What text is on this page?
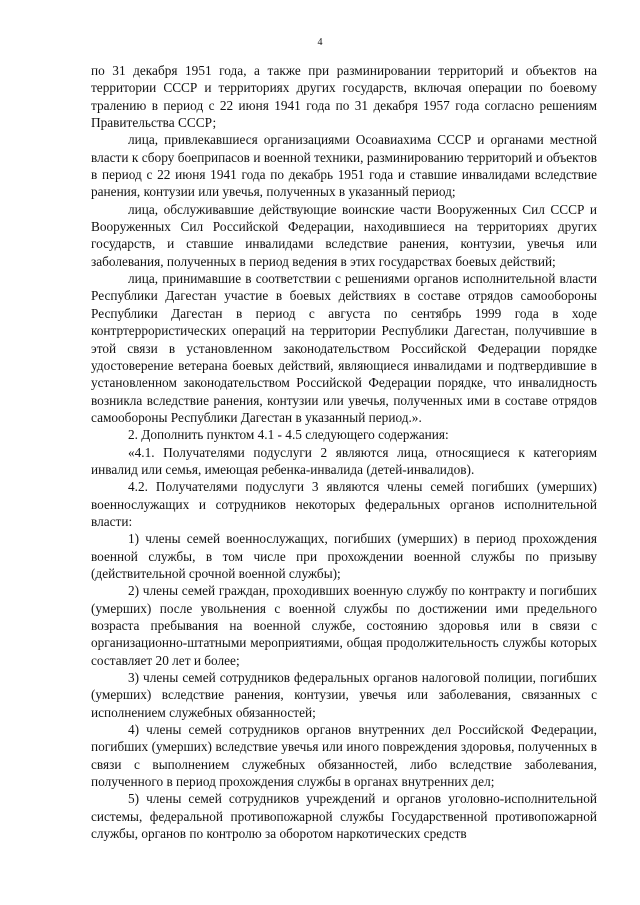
4

по 31 декабря 1951 года, а также при разминировании территорий и объектов на территории СССР и территориях других государств, включая операции по боевому тралению в период с 22 июня 1941 года по 31 декабря 1957 года согласно решениям Правительства СССР;

лица, привлекавшиеся организациями Осоавиахима СССР и органами местной власти к сбору боеприпасов и военной техники, разминированию территорий и объектов в период с 22 июня 1941 года по декабрь 1951 года и ставшие инвалидами вследствие ранения, контузии или увечья, полученных в указанный период;

лица, обслуживавшие действующие воинские части Вооруженных Сил СССР и Вооруженных Сил Российской Федерации, находившиеся на территориях других государств, и ставшие инвалидами вследствие ранения, контузии, увечья или заболевания, полученных в период ведения в этих государствах боевых действий;

лица, принимавшие в соответствии с решениями органов исполнительной власти Республики Дагестан участие в боевых действиях в составе отрядов самообороны Республики Дагестан в период с августа по сентябрь 1999 года в ходе контртеррористических операций на территории Республики Дагестан, получившие в этой связи в установленном законодательством Российской Федерации порядке удостоверение ветерана боевых действий, являющиеся инвалидами и подтвердившие в установленном законодательством Российской Федерации порядке, что инвалидность возникла вследствие ранения, контузии или увечья, полученных ими в составе отрядов самообороны Республики Дагестан в указанный период.».

2. Дополнить пунктом 4.1 - 4.5 следующего содержания:

«4.1. Получателями подуслуги 2 являются лица, относящиеся к категориям инвалид или семья, имеющая ребенка-инвалида (детей-инвалидов).

4.2. Получателями подуслуги 3 являются члены семей погибших (умерших) военнослужащих и сотрудников некоторых федеральных органов исполнительной власти:

1) члены семей военнослужащих, погибших (умерших) в период прохождения военной службы, в том числе при прохождении военной службы по призыву (действительной срочной военной службы);

2) члены семей граждан, проходивших военную службу по контракту и погибших (умерших) после увольнения с военной службы по достижении ими предельного возраста пребывания на военной службе, состоянию здоровья или в связи с организационно-штатными мероприятиями, общая продолжительность службы которых составляет 20 лет и более;

3) члены семей сотрудников федеральных органов налоговой полиции, погибших (умерших) вследствие ранения, контузии, увечья или заболевания, связанных с исполнением служебных обязанностей;

4) члены семей сотрудников органов внутренних дел Российской Федерации, погибших (умерших) вследствие увечья или иного повреждения здоровья, полученных в связи с выполнением служебных обязанностей, либо вследствие заболевания, полученного в период прохождения службы в органах внутренних дел;

5) члены семей сотрудников учреждений и органов уголовно-исполнительной системы, федеральной противопожарной службы Государственной противопожарной службы, органов по контролю за оборотом наркотических средств
